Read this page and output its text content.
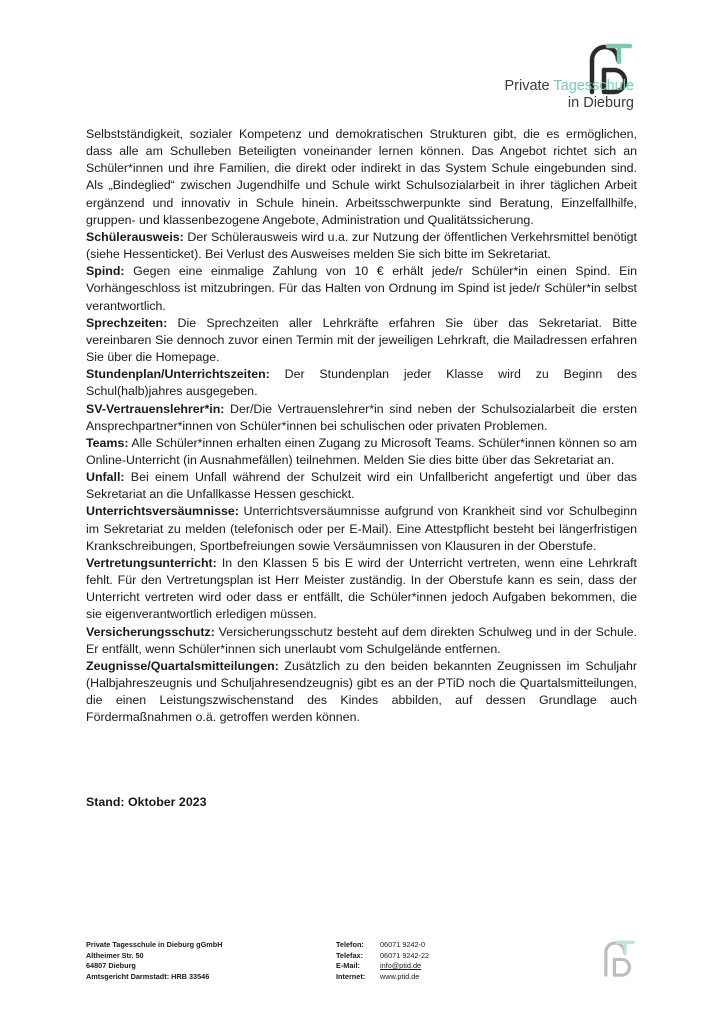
Private Tagesschule
in Dieburg

Selbstständigkeit, sozialer Kompetenz und demokratischen Strukturen gibt, die es ermöglichen, dass alle am Schulleben Beteiligten voneinander lernen können. Das Angebot richtet sich an Schüler*innen und ihre Familien, die direkt oder indirekt in das System Schule eingebunden sind. Als „Bindeglied“ zwischen Jugendhilfe und Schule wirkt Schulsozialarbeit in ihrer täglichen Arbeit ergänzend und innovativ in Schule hinein. Arbeitsschwerpunkte sind Beratung, Einzelfallhilfe, gruppen- und klassenbezogene Angebote, Administration und Qualitätssicherung.

Schülerausweis: Der Schülerausweis wird u.a. zur Nutzung der öffentlichen Verkehrsmittel benötigt (siehe Hessenticket). Bei Verlust des Ausweises melden Sie sich bitte im Sekretariat.

Spind: Gegen eine einmalige Zahlung von 10 € erhält jede/r Schüler*in einen Spind. Ein Vorhängeschloss ist mitzubringen. Für das Halten von Ordnung im Spind ist jede/r Schüler*in selbst verantwortlich.

Sprechzeiten: Die Sprechzeiten aller Lehrkräfte erfahren Sie über das Sekretariat. Bitte vereinbaren Sie dennoch zuvor einen Termin mit der jeweiligen Lehrkraft, die Mailadressen erfahren Sie über die Homepage.

Stundenplan/Unterrichtszeiten: Der Stundenplan jeder Klasse wird zu Beginn des Schul(halb)jahres ausgegeben.

SV-Vertrauenslehrer*in: Der/Die Vertrauenslehrer*in sind neben der Schulsozialarbeit die ersten Ansprechpartner*innen von Schüler*innen bei schulischen oder privaten Problemen.

Teams: Alle Schüler*innen erhalten einen Zugang zu Microsoft Teams. Schüler*innen können so am Online-Unterricht (in Ausnahmefällen) teilnehmen. Melden Sie dies bitte über das Sekretariat an.

Unfall: Bei einem Unfall während der Schulzeit wird ein Unfallbericht angefertigt und über das Sekretariat an die Unfallkasse Hessen geschickt.

Unterrichtsversäumnisse: Unterrichtsversäumnisse aufgrund von Krankheit sind vor Schulbeginn im Sekretariat zu melden (telefonisch oder per E-Mail). Eine Attestpflicht besteht bei längerfristigen Krankschreibungen, Sportbefreiungen sowie Versäumnissen von Klausuren in der Oberstufe.

Vertretungsunterricht: In den Klassen 5 bis E wird der Unterricht vertreten, wenn eine Lehrkraft fehlt. Für den Vertretungsplan ist Herr Meister zuständig. In der Oberstufe kann es sein, dass der Unterricht vertreten wird oder dass er entfällt, die Schüler*innen jedoch Aufgaben bekommen, die sie eigenverantwortlich erledigen müssen.

Versicherungsschutz: Versicherungsschutz besteht auf dem direkten Schulweg und in der Schule. Er entfällt, wenn Schüler*innen sich unerlaubt vom Schulgelände entfernen.

Zeugnisse/Quartalsmitteilungen: Zusätzlich zu den beiden bekannten Zeugnissen im Schuljahr (Halbjahreszeugnis und Schuljahresendzeugnis) gibt es an der PTiD noch die Quartalsmitteilungen, die einen Leistungszwischenstand des Kindes abbilden, auf dessen Grundlage auch Fördermaßnahmen o.ä. getroffen werden können.

Stand: Oktober 2023
Private Tagesschule in Dieburg gGmbH
Altheimer Str. 50
64807 Dieburg
Amtsgericht Darmstadt: HRB 33546
Telefon:	06071 9242-0
Telefax:	06071 9242-22
E-Mail:	info@ptid.de
Internet:	www.ptid.de
